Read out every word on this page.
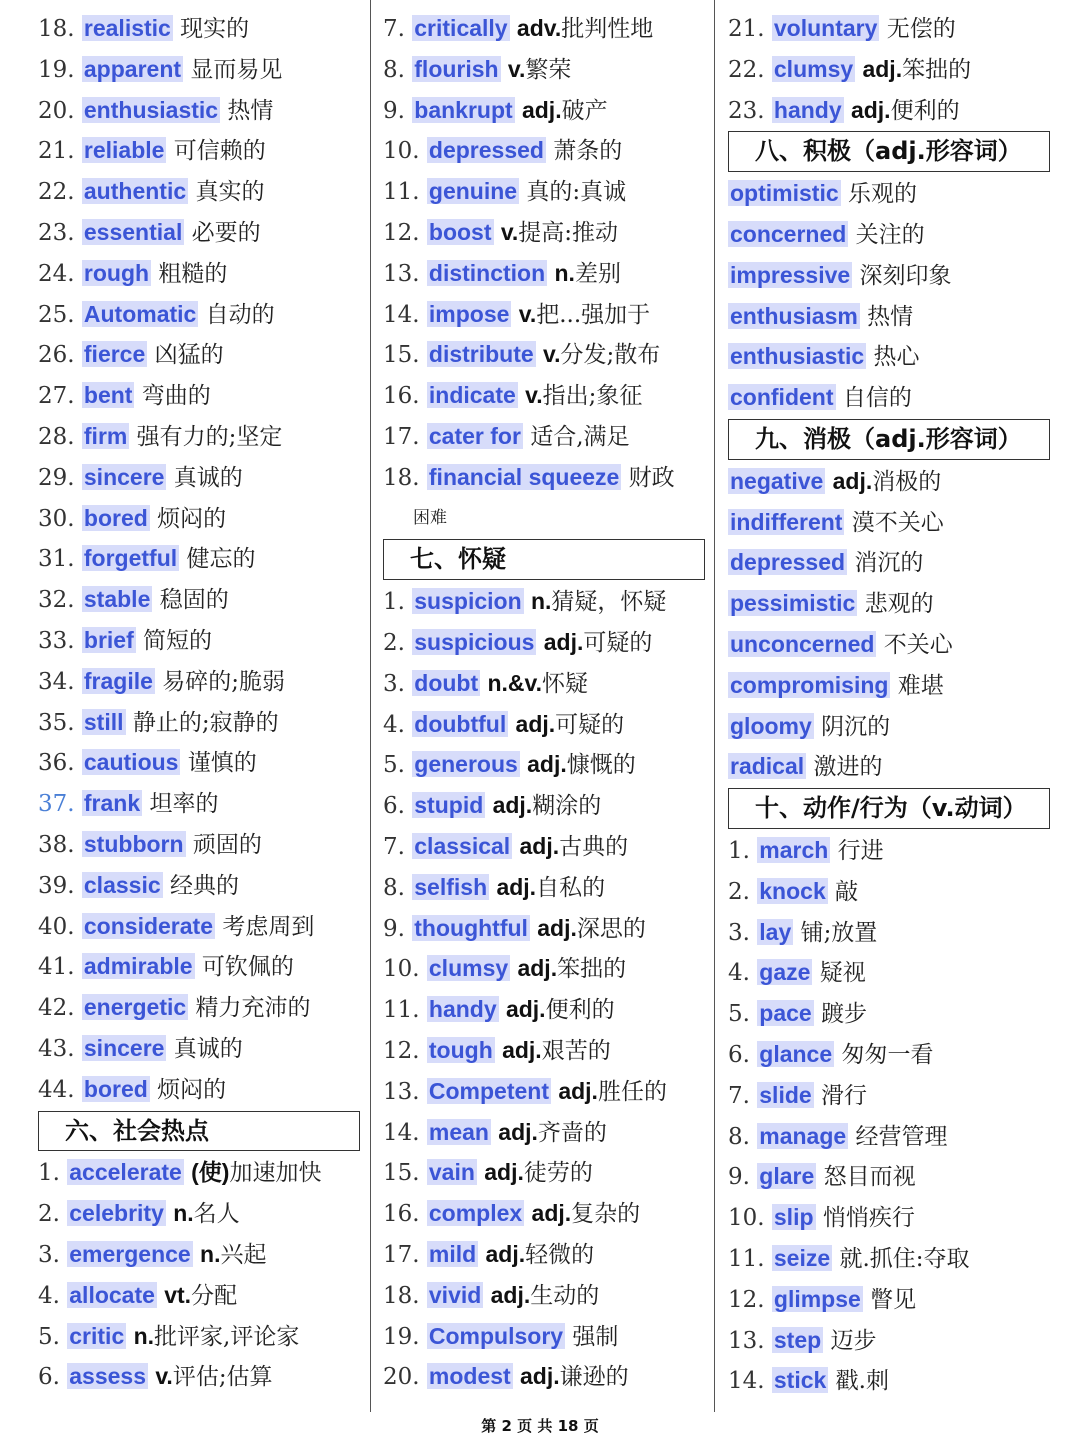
18. realistic 现实的
19. apparent 显而易见
20. enthusiastic 热情
21. reliable 可信赖的
22. authentic 真实的
23. essential 必要的
24. rough 粗糙的
25. Automatic 自动的
26. fierce 凶猛的
27. bent 弯曲的
28. firm 强有力的;坚定
29. sincere 真诚的
30. bored 烦闷的
31. forgetful 健忘的
32. stable 稳固的
33. brief 简短的
34. fragile 易碎的;脆弱
35. still 静止的;寂静的
36. cautious 谨慎的
37. frank 坦率的
38. stubborn 顽固的
39. classic 经典的
40. considerate 考虑周到
41. admirable 可钦佩的
42. energetic 精力充沛的
43. sincere 真诚的
44. bored 烦闷的
六、社会热点
1. accelerate (使)加速加快
2. celebrity n.名人
3. emergence n.兴起
4. allocate vt.分配
5. critic n.批评家,评论家
6. assess v.评估;估算
7. critically adv.批判性地
8. flourish v.繁荣
9. bankrupt adj.破产
10. depressed 萧条的
11. genuine 真的:真诚
12. boost v.提高:推动
13. distinction n.差别
14. impose v.把...强加于
15. distribute v.分发;散布
16. indicate v.指出;象征
17. cater for 适合,满足
18. financial squeeze 财政
困难
七、怀疑
1. suspicion n.猜疑，怀疑
2. suspicious adj.可疑的
3. doubt n.&v.怀疑
4. doubtful adj.可疑的
5. generous adj.慷慨的
6. stupid adj.糊涂的
7. classical adj.古典的
8. selfish adj.自私的
9. thoughtful adj.深思的
10. clumsy adj.笨拙的
11. handy adj.便利的
12. tough adj.艰苦的
13. Competent adj.胜任的
14. mean adj.齐啬的
15. vain adj.徒劳的
16. complex adj.复杂的
17. mild adj.轻微的
18. vivid adj.生动的
19. Compulsory 强制
20. modest adj.谦逊的
21. voluntary 无偿的
22. clumsy adj.笨拙的
23. handy adj.便利的
八、积极（adj.形容词）
optimistic 乐观的
concerned 关注的
impressive 深刻印象
enthusiasm 热情
enthusiastic 热心
confident 自信的
九、消极（adj.形容词）
negative adj.消极的
indifferent 漠不关心
depressed 消沉的
pessimistic 悲观的
unconcerned 不关心
compromising 难堪
gloomy 阴沉的
radical 激进的
十、动作/行为（v.动词）
1. march 行进
2. knock 敲
3. lay 铺;放置
4. gaze 疑视
5. pace 踱步
6. glance 匆匆一看
7. slide 滑行
8. manage 经营管理
9. glare 怒目而视
10. slip 悄悄疾行
11. seize 就.抓住:夺取
12. glimpse 瞥见
13. step 迈步
14. stick 戳.刺
第 2 页 共 18 页
